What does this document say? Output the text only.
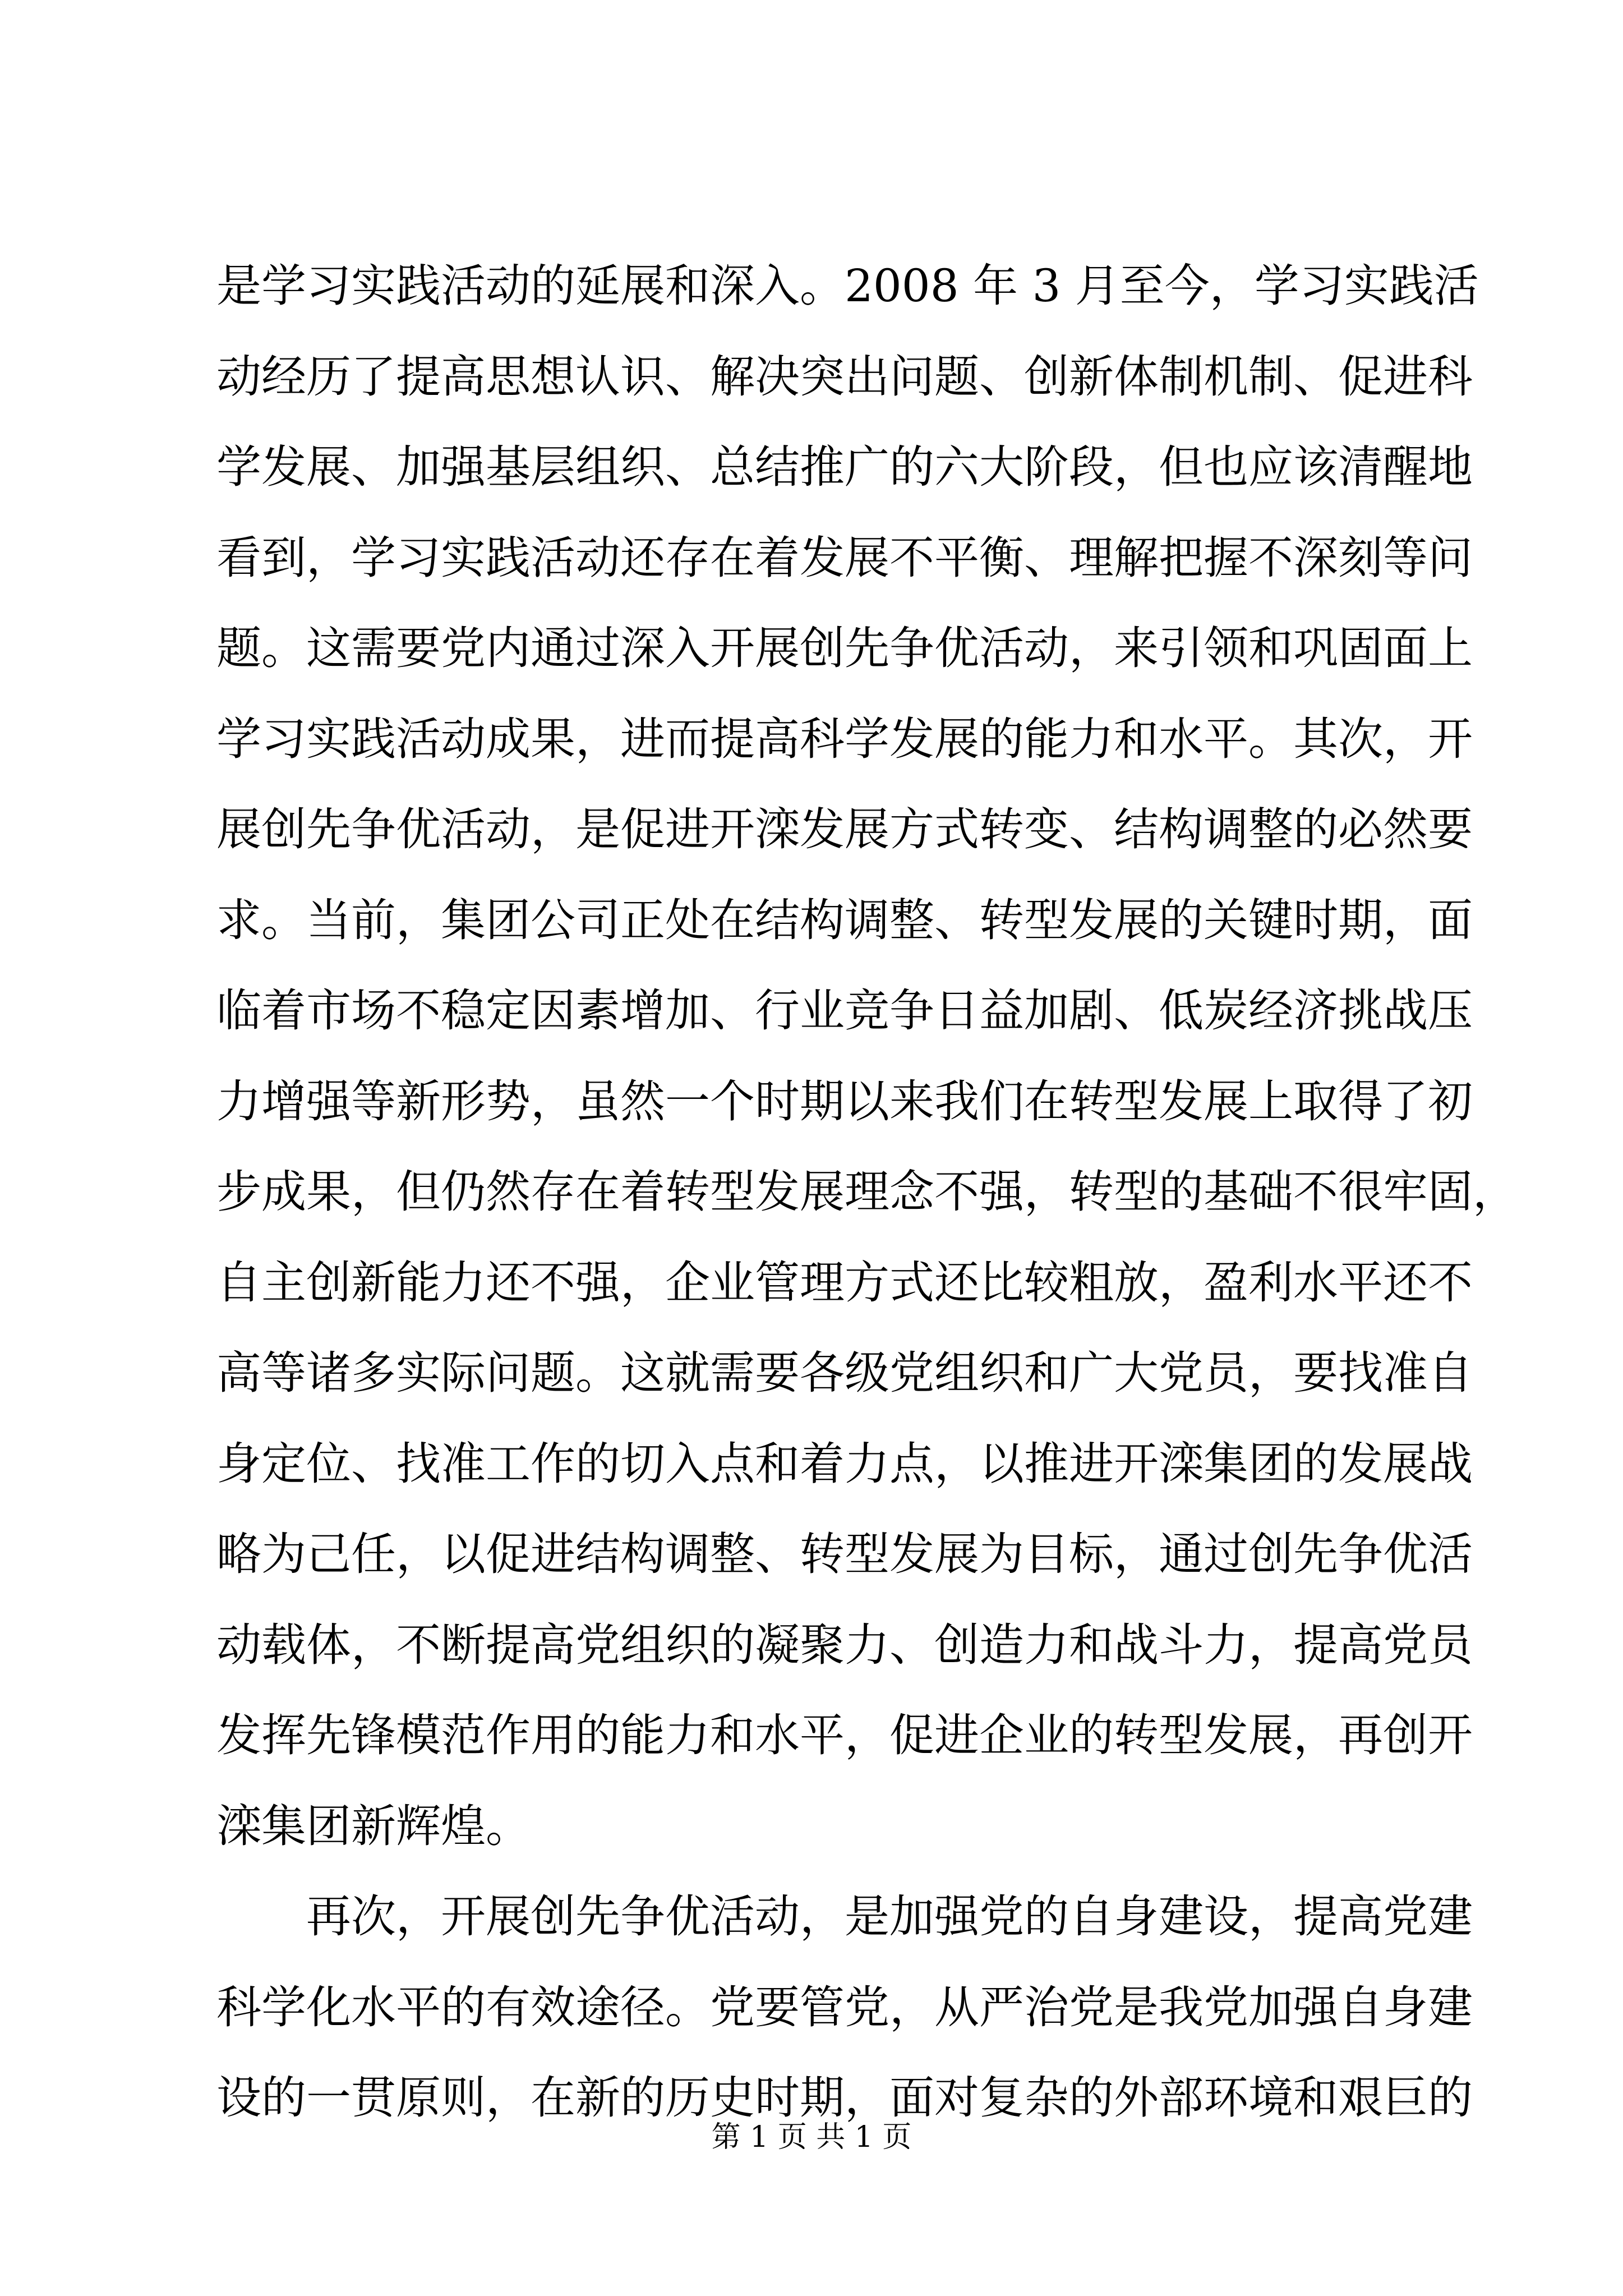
是学习实践活动的延展和深入。2008 年 3 月至今，学习实践活
动经历了提高思想认识、解决突出问题、创新体制机制、促进科
学发展、加强基层组织、总结推广的六大阶段，但也应该清醒地
看到，学习实践活动还存在着发展不平衡、理解把握不深刻等问
题。这需要党内通过深入开展创先争优活动，来引领和巩固面上
学习实践活动成果，进而提高科学发展的能力和水平。其次，开
展创先争优活动，是促进开滦发展方式转变、结构调整的必然要
求。当前，集团公司正处在结构调整、转型发展的关键时期，面
临着市场不稳定因素增加、行业竞争日益加剧、低炭经济挑战压
力增强等新形势，虽然一个时期以来我们在转型发展上取得了初
步成果，但仍然存在着转型发展理念不强，转型的基础不很牢固，
自主创新能力还不强，企业管理方式还比较粗放，盈利水平还不
高等诸多实际问题。这就需要各级党组织和广大党员，要找准自
身定位、找准工作的切入点和着力点，以推进开滦集团的发展战
略为己任，以促进结构调整、转型发展为目标，通过创先争优活
动载体，不断提高党组织的凝聚力、创造力和战斗力，提高党员
发挥先锋模范作用的能力和水平，促进企业的转型发展，再创开
滦集团新辉煌。
　　再次，开展创先争优活动，是加强党的自身建设，提高党建
科学化水平的有效途径。党要管党，从严治党是我党加强自身建
设的一贯原则，在新的历史时期，面对复杂的外部环境和艰巨的
第 1 页 共 1 页
